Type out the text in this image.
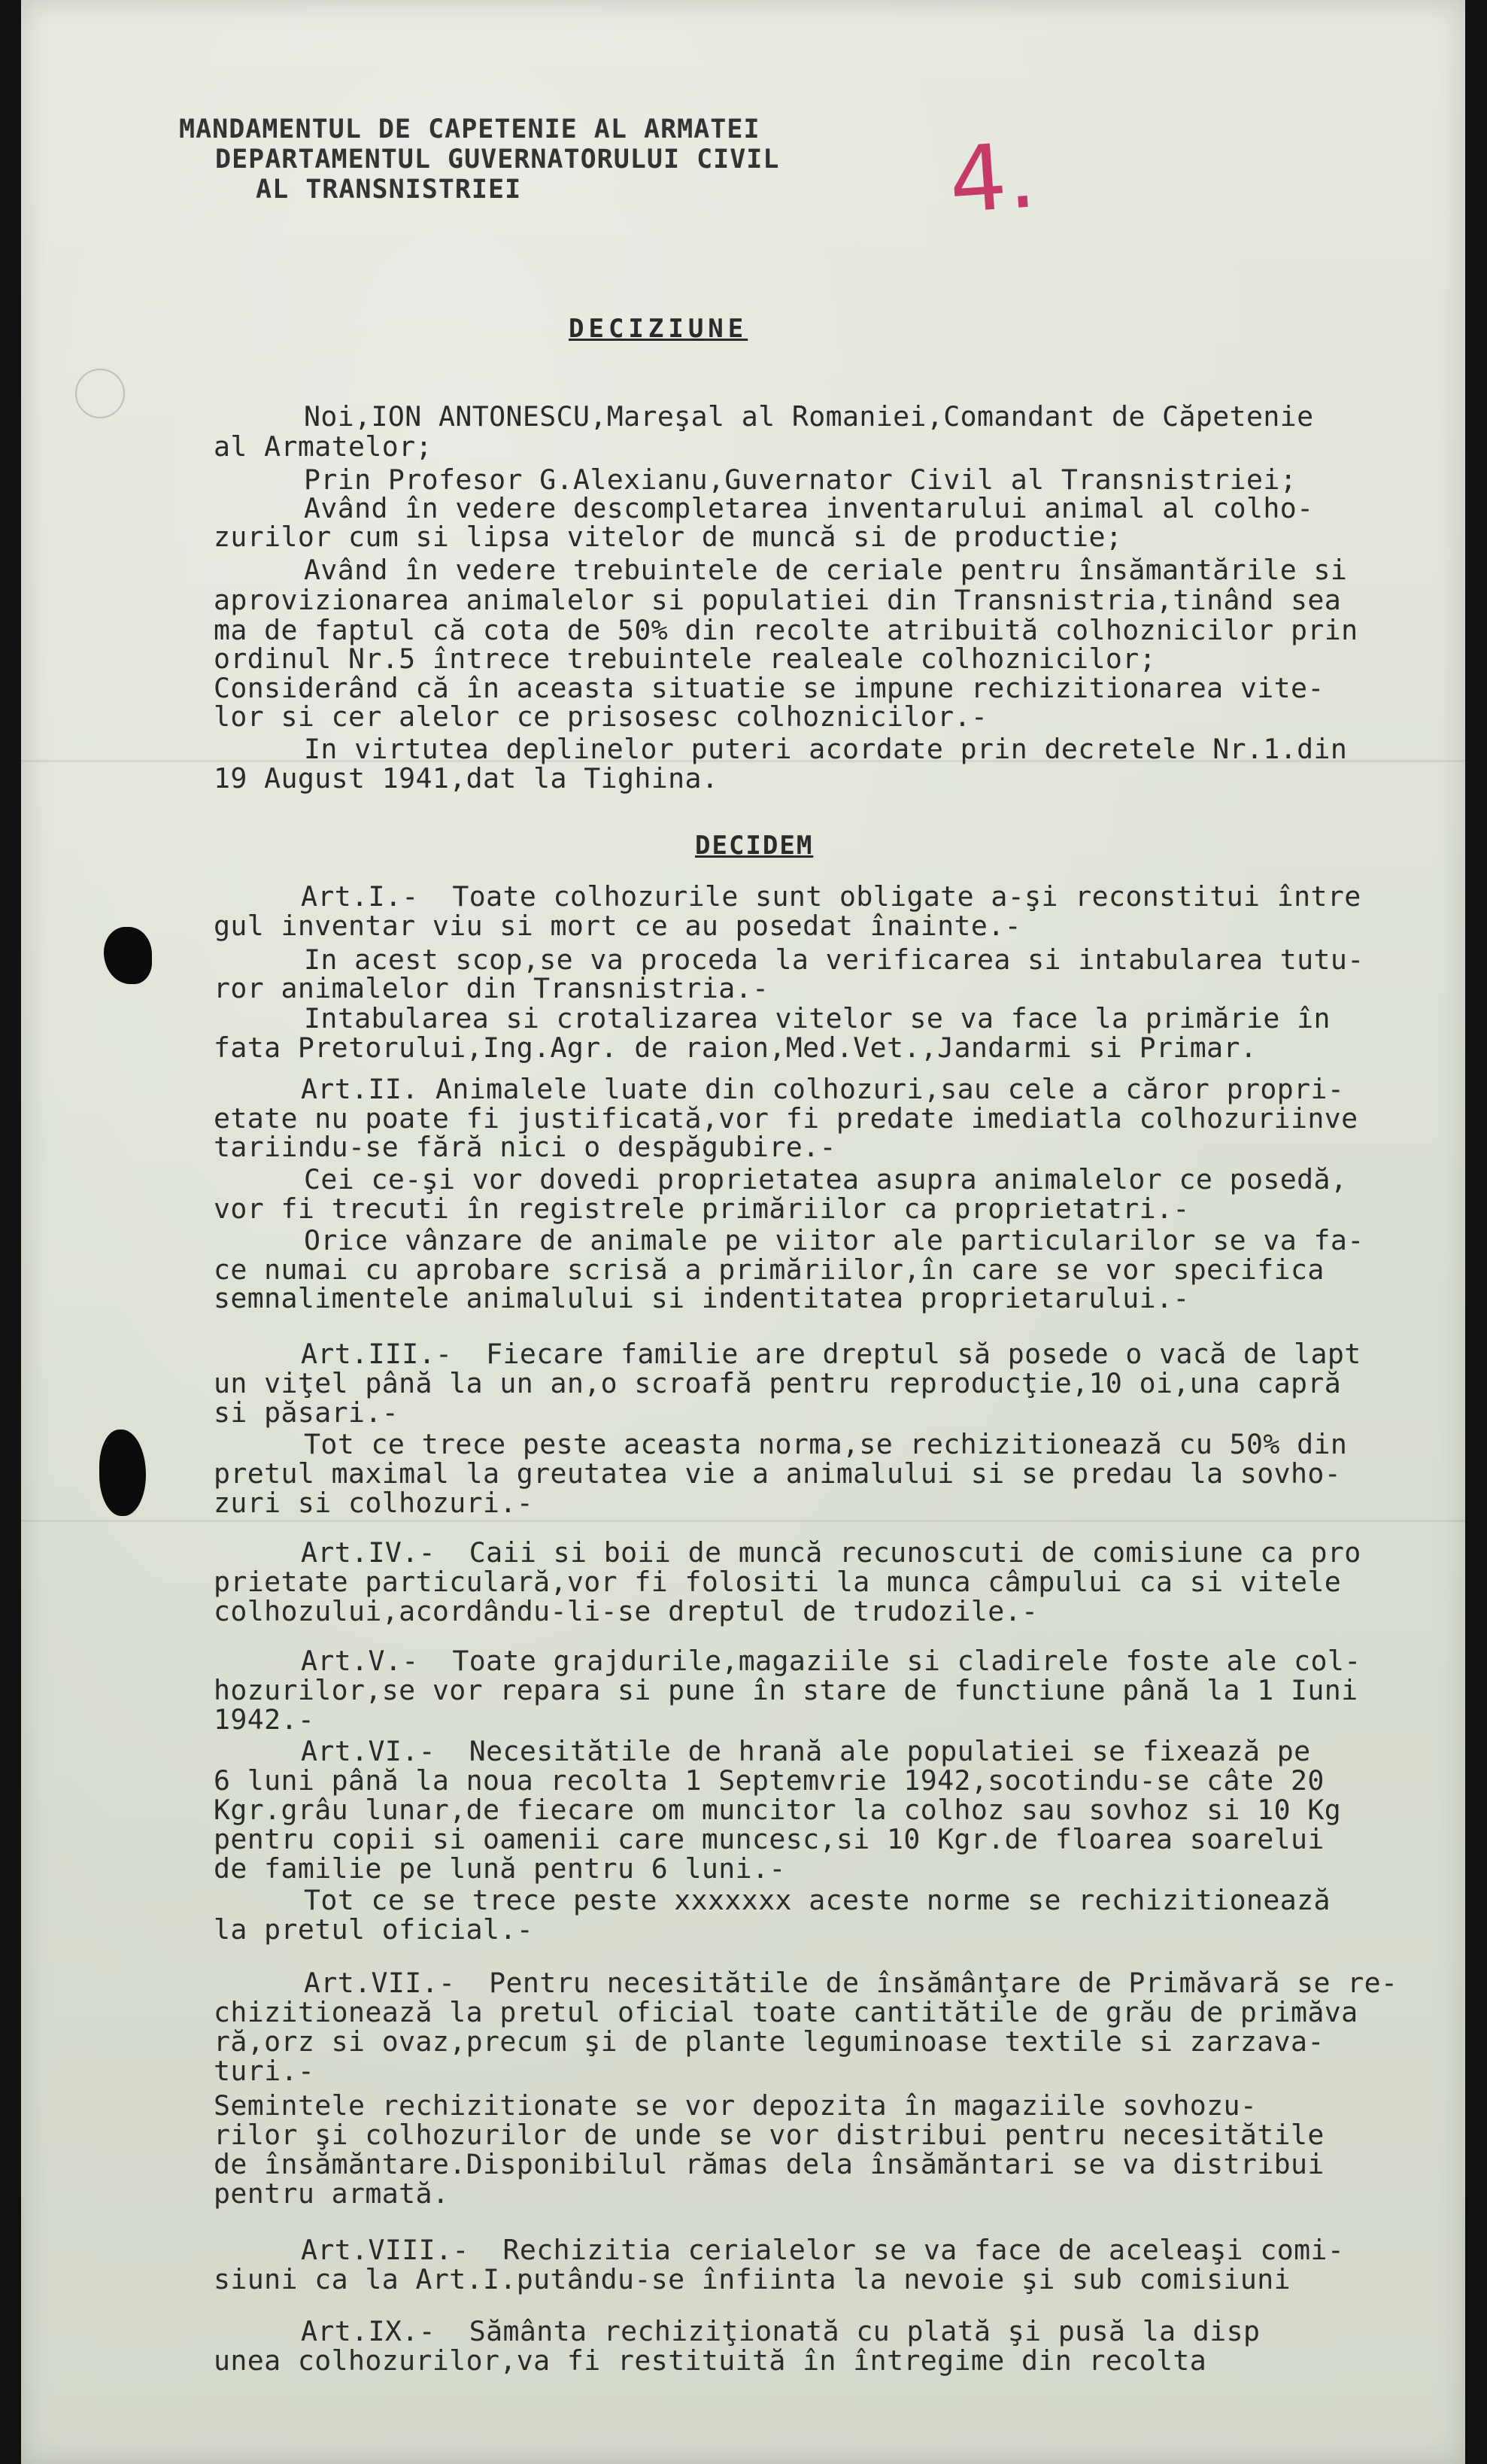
MANDAMENTUL DE CAPETENIE AL ARMATEI
DEPARTAMENTUL GUVERNATORULUI CIVIL
AL TRANSNISTRIEI	4.
DECIZIUNE
Noi,ION ANTONESCU,Mareşal al Romaniei,Comandant de Căpetenie
al Armatelor;
Prin Profesor G.Alexianu,Guvernator Civil al Transnistriei;
Având în vedere descompletarea inventarului animal al colho-
zurilor cum si lipsa vitelor de muncă si de productie;
Având în vedere trebuintele de ceriale pentru însămantările si
aprovizionarea animalelor si populatiei din Transnistria,tinând sea
ma de faptul că cota de 50% din recolte atribuită colhoznicilor prin
ordinul Nr.5 întrece trebuintele realeale colhoznicilor;
Considerând că în aceasta situatie se impune rechizitionarea vite-
lor si cer alelor ce prisosesc colhoznicilor.-
In virtutea deplinelor puteri acordate prin decretele Nr.1.din
19 August 1941,dat la Tighina.
DECIDEM
Art.I.-  Toate colhozurile sunt obligate a-şi reconstitui între
gul inventar viu si mort ce au posedat înainte.-
In acest scop,se va proceda la verificarea si intabularea tutu-
ror animalelor din Transnistria.-
Intabularea si crotalizarea vitelor se va face la primărie în
fata Pretorului,Ing.Agr. de raion,Med.Vet.,Jandarmi si Primar.
Art.II. Animalele luate din colhozuri,sau cele a căror propri-
etate nu poate fi justificată,vor fi predate imediatla colhozuriinve
tariindu-se fără nici o despăgubire.-
Cei ce-şi vor dovedi proprietatea asupra animalelor ce posedă,
vor fi trecuti în registrele primăriilor ca proprietatri.-
Orice vânzare de animale pe viitor ale particularilor se va fa-
ce numai cu aprobare scrisă a primăriilor,în care se vor specifica
semnalimentele animalului si indentitatea proprietarului.-
Art.III.-  Fiecare familie are dreptul să posede o vacă de lapt
un viţel până la un an,o scroafă pentru reproducţie,10 oi,una capră
si păsari.-
Tot ce trece peste aceasta norma,se rechizitionează cu 50% din
pretul maximal la greutatea vie a animalului si se predau la sovho-
zuri si colhozuri.-
Art.IV.-  Caii si boii de muncă recunoscuti de comisiune ca pro
prietate particulară,vor fi folositi la munca câmpului ca si vitele
colhozului,acordându-li-se dreptul de trudozile.-
Art.V.-  Toate grajdurile,magaziile si cladirele foste ale col-
hozurilor,se vor repara si pune în stare de functiune până la 1 Iuni
1942.-
Art.VI.-  Necesitătile de hrană ale populatiei se fixează pe
6 luni până la noua recolta 1 Septemvrie 1942,socotindu-se câte 20
Kgr.grâu lunar,de fiecare om muncitor la colhoz sau sovhoz si 10 Kg
pentru copii si oamenii care muncesc,si 10 Kgr.de floarea soarelui
de familie pe lună pentru 6 luni.-
Tot ce se trece peste xxxxxxx aceste norme se rechizitionează
la pretul oficial.-
Art.VII.-  Pentru necesitătile de însămânţare de Primăvară se re-
chizitionează la pretul oficial toate cantitătile de grău de primăva
ră,orz si ovaz,precum şi de plante leguminoase textile si zarzava-
turi.-
Semintele rechizitionate se vor depozita în magaziile sovhozu-
rilor şi colhozurilor de unde se vor distribui pentru necesitătile
de însămăntare.Disponibilul rămas dela însămăntari se va distribui
pentru armată.
Art.VIII.-  Rechizitia cerialelor se va face de aceleaşi comi-
siuni ca la Art.I.putându-se înfiinta la nevoie şi sub comisiuni
Art.IX.-  Sământa rechiziţionată cu plată şi pusă la disp
unea colhozurilor,va fi restituită în întregime din recolta
